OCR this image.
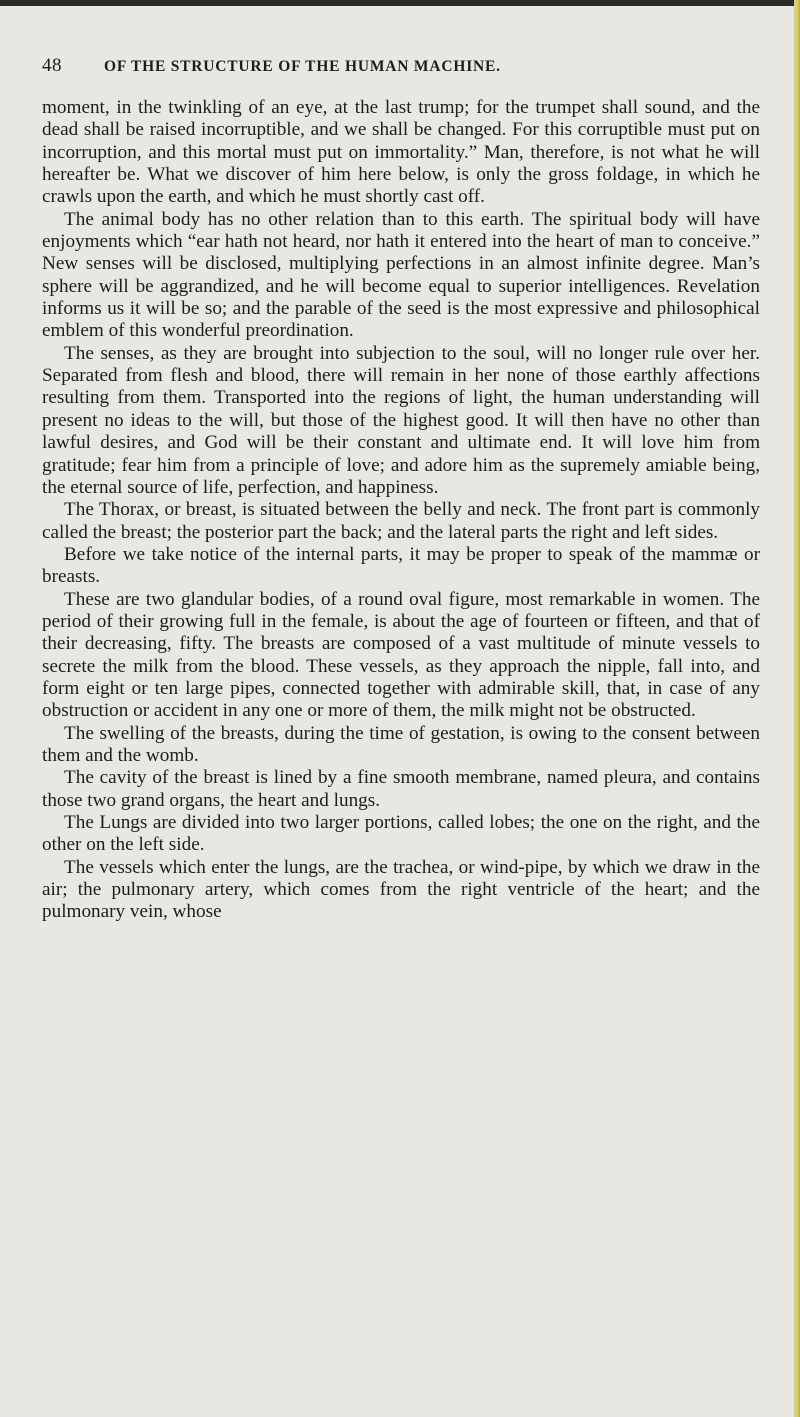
48	OF THE STRUCTURE OF THE HUMAN MACHINE.

moment, in the twinkling of an eye, at the last trump; for the trumpet shall sound, and the dead shall be raised incorruptible, and we shall be changed. For this corruptible must put on incorruption, and this mortal must put on immortality.” Man, therefore, is not what he will hereafter be. What we discover of him here below, is only the gross foldage, in which he crawls upon the earth, and which he must shortly cast off.

The animal body has no other relation than to this earth. The spiritual body will have enjoyments which “ear hath not heard, nor hath it entered into the heart of man to conceive.” New senses will be disclosed, multiplying perfections in an almost infinite degree. Man’s sphere will be aggrandized, and he will become equal to superior intelligences. Revelation informs us it will be so; and the parable of the seed is the most expressive and philosophical emblem of this wonderful preordination.

The senses, as they are brought into subjection to the soul, will no longer rule over her. Separated from flesh and blood, there will remain in her none of those earthly affections resulting from them. Transported into the regions of light, the human understanding will present no ideas to the will, but those of the highest good. It will then have no other than lawful desires, and God will be their constant and ultimate end. It will love him from gratitude; fear him from a principle of love; and adore him as the supremely amiable being, the eternal source of life, perfection, and happiness.

The Thorax, or breast, is situated between the belly and neck. The front part is commonly called the breast; the posterior part the back; and the lateral parts the right and left sides.

Before we take notice of the internal parts, it may be proper to speak of the mammæ or breasts.

These are two glandular bodies, of a round oval figure, most remarkable in women. The period of their growing full in the female, is about the age of fourteen or fifteen, and that of their decreasing, fifty. The breasts are composed of a vast multitude of minute vessels to secrete the milk from the blood. These vessels, as they approach the nipple, fall into, and form eight or ten large pipes, connected together with admirable skill, that, in case of any obstruction or accident in any one or more of them, the milk might not be obstructed.

The swelling of the breasts, during the time of gestation, is owing to the consent between them and the womb.

The cavity of the breast is lined by a fine smooth membrane, named pleura, and contains those two grand organs, the heart and lungs.

The Lungs are divided into two larger portions, called lobes; the one on the right, and the other on the left side.

The vessels which enter the lungs, are the trachea, or wind-pipe, by which we draw in the air; the pulmonary artery, which comes from the right ventricle of the heart; and the pulmonary vein, whose
